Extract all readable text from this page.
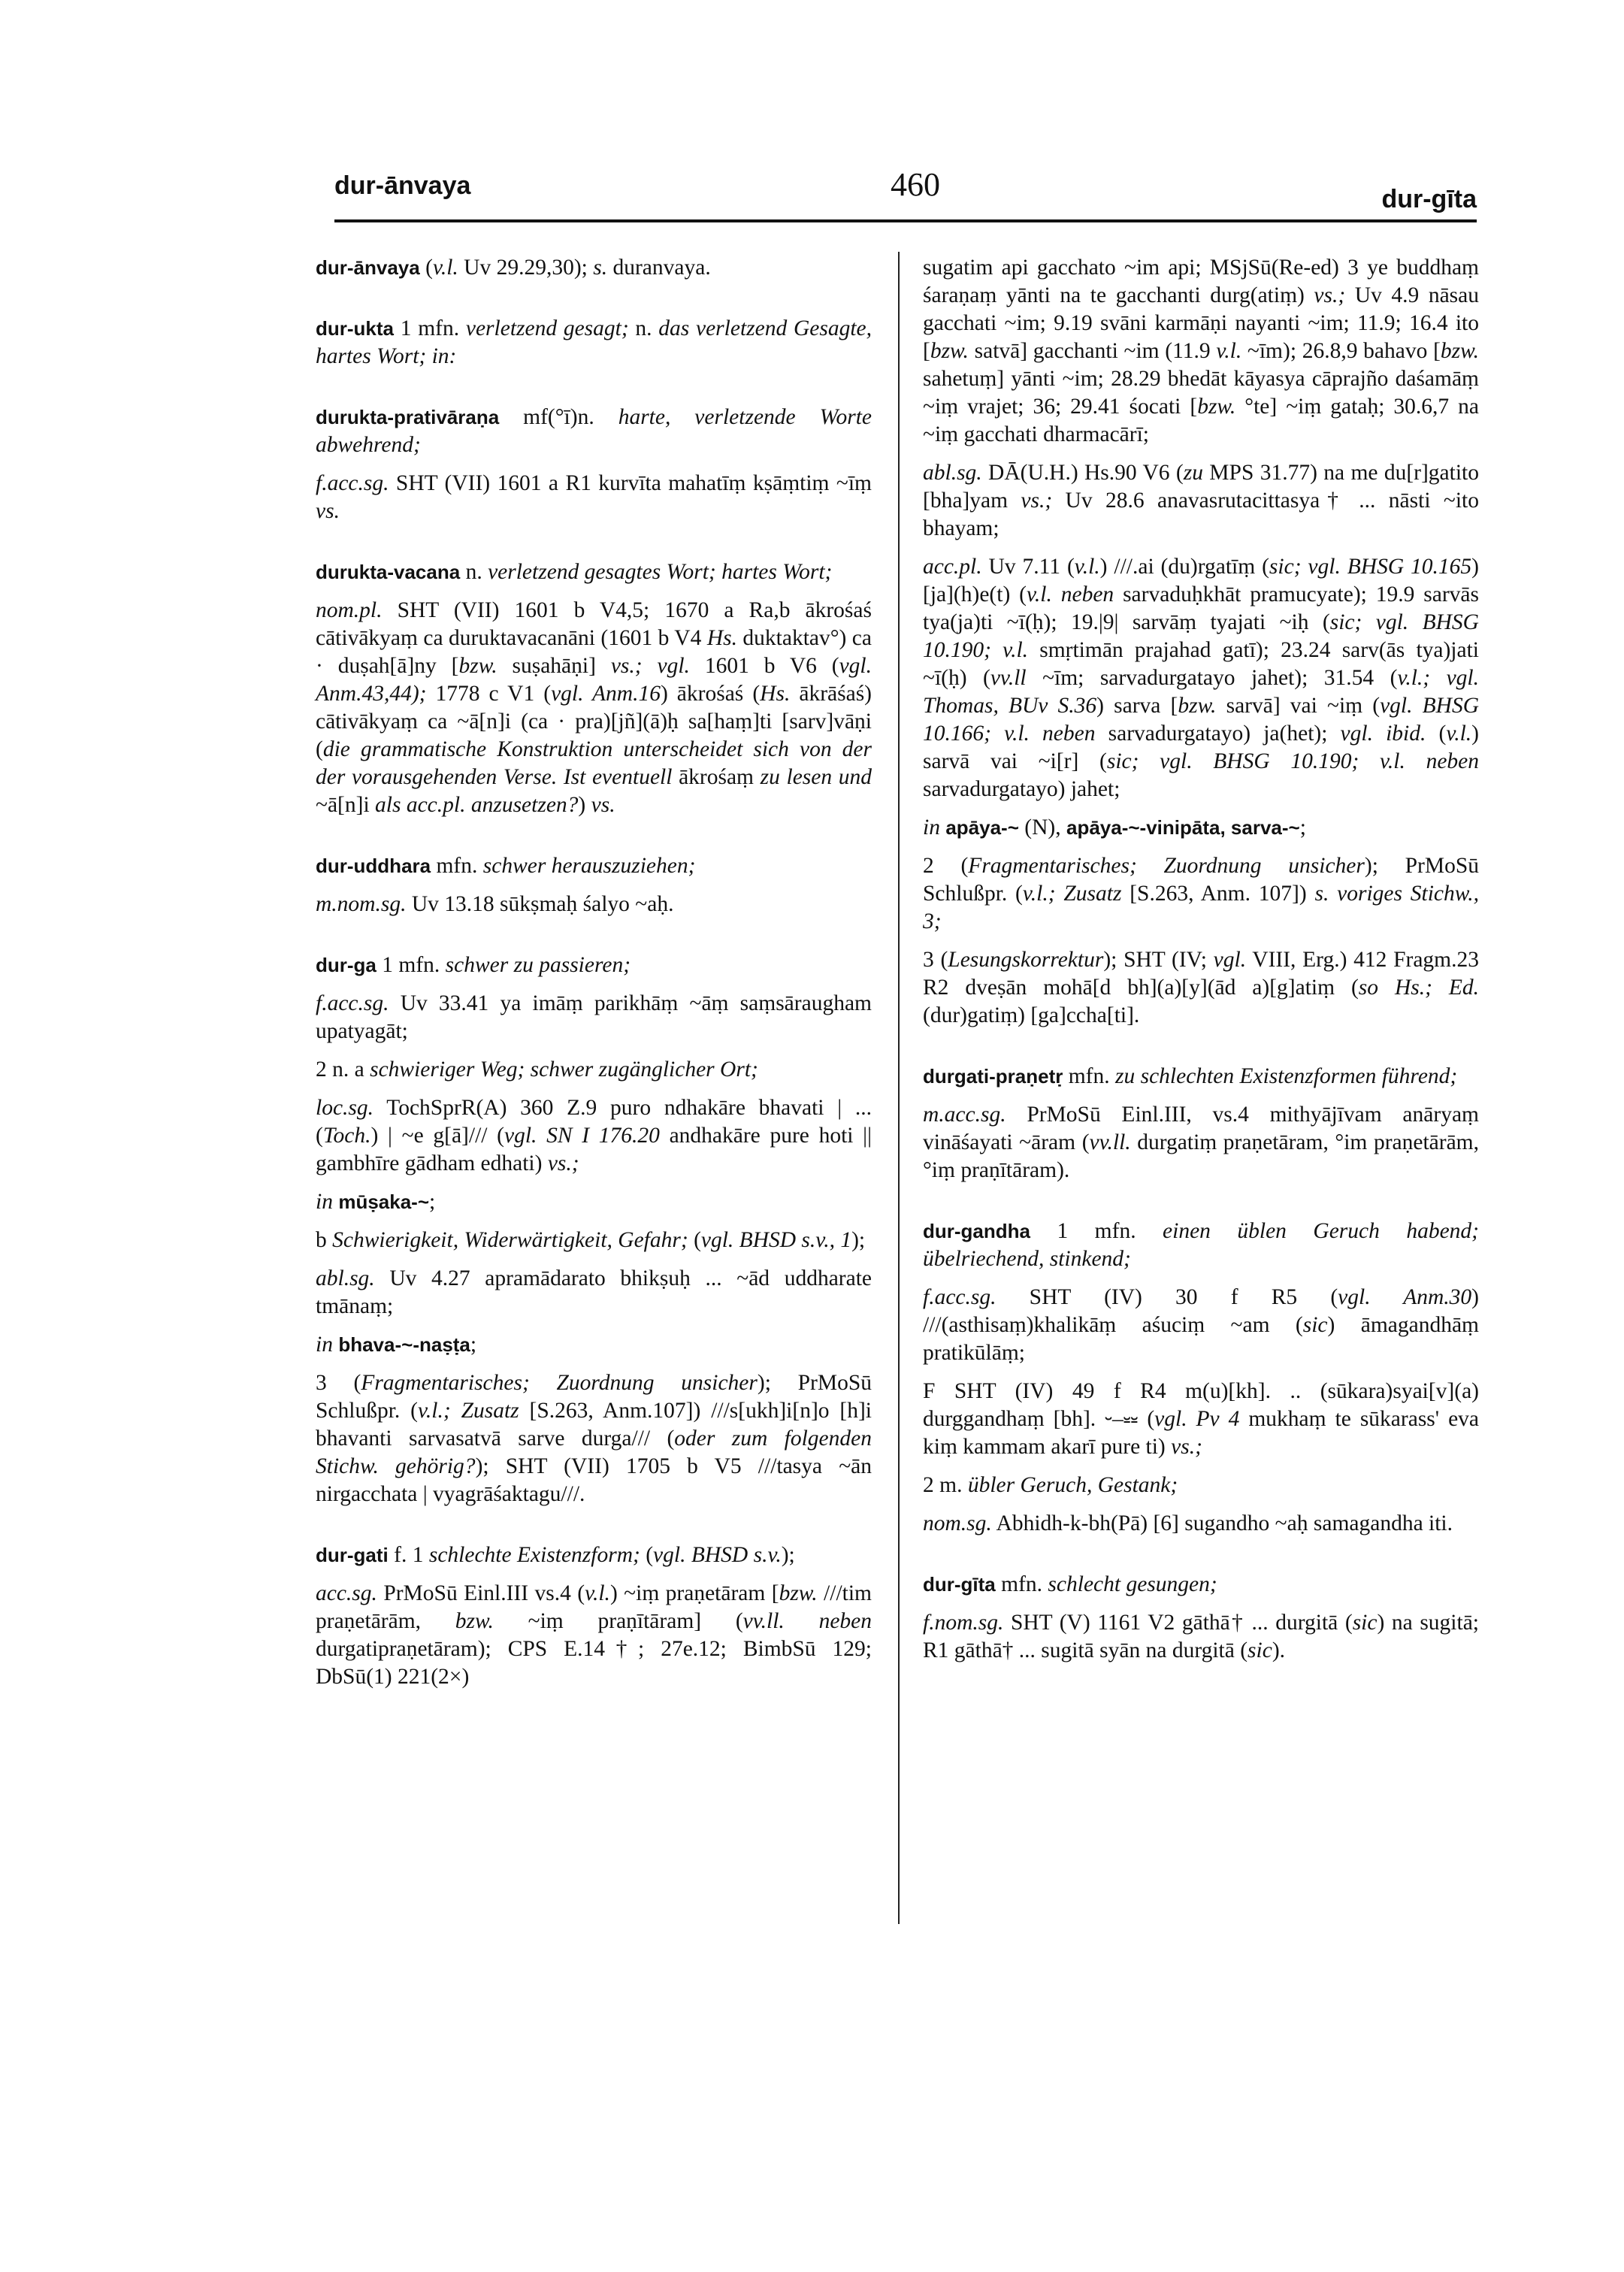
dur-ānvaya	460	dur-gīta

dur-ānvaya (v.l. Uv 29.29,30); s. duranvaya.

dur-ukta 1 mfn. verletzend gesagt; n. das verletzend Gesagte, hartes Wort; in:

durukta-prativāraṇa mf(°ī)n. harte, verletzende Worte abwehrend;

f.acc.sg. SHT (VII) 1601 a R1 kurvīta mahatīṃ kṣāṃtiṃ ~īṃ vs.

durukta-vacana n. verletzend gesagtes Wort; hartes Wort;

nom.pl. SHT (VII) 1601 b V4,5; 1670 a Ra,b ākrośaś cātivākyaṃ ca duruktavacanāni (1601 b V4 Hs. duktaktav°) ca · duṣah[ā]ny [bzw. suṣahāṇi] vs.; vgl. 1601 b V6 (vgl. Anm.43,44); 1778 c V1 (vgl. Anm.16) ākrośaś (Hs. ākrāśaś) cātivākyaṃ ca ~ā[n]i (ca · pra)[jñ](ā)ḥ sa[haṃ]ti [sarv]vāṇi (die grammatische Konstruktion unterscheidet sich von der der vorausgehenden Verse. Ist eventuell ākrośaṃ zu lesen und ~ā[n]i als acc.pl. anzusetzen?) vs.

dur-uddhara mfn. schwer herauszuziehen;

m.nom.sg. Uv 13.18 sūkṣmaḥ śalyo ~aḥ.

dur-ga 1 mfn. schwer zu passieren;

f.acc.sg. Uv 33.41 ya imāṃ parikhāṃ ~āṃ saṃsāraugham upatyagāt;

2 n. a schwieriger Weg; schwer zugänglicher Ort;

loc.sg. TochSprR(A) 360 Z.9 puro ndhakāre bhavati | ... (Toch.) | ~e g[ā]/// (vgl. SN I 176.20 andhakāre pure hoti || gambhīre gādham edhati) vs.;

in mūṣaka-~;

b Schwierigkeit, Widerwärtigkeit, Gefahr; (vgl. BHSD s.v., 1);

abl.sg. Uv 4.27 apramādarato bhikṣuḥ ... ~ād uddharate tmānaṃ;

in bhava-~-naṣṭa;

3 (Fragmentarisches; Zuordnung unsicher); PrMoSū Schlußpr. (v.l.; Zusatz [S.263, Anm.107]) ///s[ukh]i[n]o [h]i bhavanti sarvasatvā sarve durga/// (oder zum folgenden Stichw. gehörig?); SHT (VII) 1705 b V5 ///tasya ~ān nirgacchata | vyagrāśaktagu///.

dur-gati f. 1 schlechte Existenzform; (vgl. BHSD s.v.);

acc.sg. PrMoSū Einl.III vs.4 (v.l.) ~iṃ praṇetāram [bzw. ///tim praṇetārām, bzw. ~iṃ praṇītāram] (vv.ll. neben durgatipraṇetāram); CPS E.14†; 27e.12; BimbSū 129; DbSū(1) 221(2×)

sugatim api gacchato ~im api; MSjSū(Re-ed) 3 ye buddhaṃ śaraṇaṃ yānti na te gacchanti durg(atiṃ) vs.; Uv 4.9 nāsau gacchati ~im; 9.19 svāni karmāṇi nayanti ~im; 11.9; 16.4 ito [bzw. satvā] gacchanti ~im (11.9 v.l. ~īm); 26.8,9 bahavo [bzw. sahetuṃ] yānti ~im; 28.29 bhedāt kāyasya cāprajño daśamāṃ ~iṃ vrajet; 36; 29.41 śocati [bzw. °te] ~iṃ gataḥ; 30.6,7 na ~iṃ gacchati dharmacārī;

abl.sg. DĀ(U.H.) Hs.90 V6 (zu MPS 31.77) na me du[r]gatito [bha]yam vs.; Uv 28.6 anavasrutacittasya† ... nāsti ~ito bhayam;

acc.pl. Uv 7.11 (v.l.) ///.ai (du)rgatīṃ (sic; vgl. BHSG 10.165) [ja](h)e(t) (v.l. neben sarvaduḥkhāt pramucyate); 19.9 sarvās tya(ja)ti ~ī(ḥ); 19.|9| sarvāṃ tyajati ~iḥ (sic; vgl. BHSG 10.190; v.l. smṛtimān prajahad gatī); 23.24 sarv(ās tya)jati ~ī(ḥ) (vv.ll ~īm; sarvadurgatayo jahet); 31.54 (v.l.; vgl. Thomas, BUv S.36) sarva [bzw. sarvā] vai ~iṃ (vgl. BHSG 10.166; v.l. neben sarvadurgatayo) ja(het); vgl. ibid. (v.l.) sarvā vai ~i[r] (sic; vgl. BHSG 10.190; v.l. neben sarvadurgatayo) jahet;

in apāya-~ (N), apāya-~-vinipāta, sarva-~;

2 (Fragmentarisches; Zuordnung unsicher); PrMoSū Schlußpr. (v.l.; Zusatz [S.263, Anm. 107]) s. voriges Stichw., 3;

3 (Lesungskorrektur); SHT (IV; vgl. VIII, Erg.) 412 Fragm.23 R2 dveṣān mohā[d bh](a)[y](ād a)[g]atiṃ (so Hs.; Ed. (dur)gatiṃ) [ga]ccha[ti].

durgati-praṇetṛ mfn. zu schlechten Existenzformen führend;

m.acc.sg. PrMoSū Einl.III, vs.4 mithyājīvam anāryaṃ vināśayati ~āram (vv.ll. durgatiṃ praṇetāram, °im praṇetārām, °iṃ praṇītāram).

dur-gandha 1 mfn. einen üblen Geruch habend; übelriechend, stinkend;

f.acc.sg. SHT (IV) 30 f R5 (vgl. Anm.30) ///(asthisaṃ)khalikāṃ aśuciṃ ~am (sic) āmagandhāṃ pratikūlāṃ;

F SHT (IV) 49 f R4 m(u)[kh]. .. (sūkara)syai[v](a) durggandhaṃ [bh]. ⏑–⏓⏓ (vgl. Pv 4 mukhaṃ te sūkarass' eva kiṃ kammam akarī pure ti) vs.;

2 m. übler Geruch, Gestank;

nom.sg. Abhidh-k-bh(Pā) [6] sugandho ~aḥ samagandha iti.

dur-gīta mfn. schlecht gesungen;

f.nom.sg. SHT (V) 1161 V2 gāthā† ... durgitā (sic) na sugitā; R1 gāthā† ... sugitā syān na durgitā (sic).
